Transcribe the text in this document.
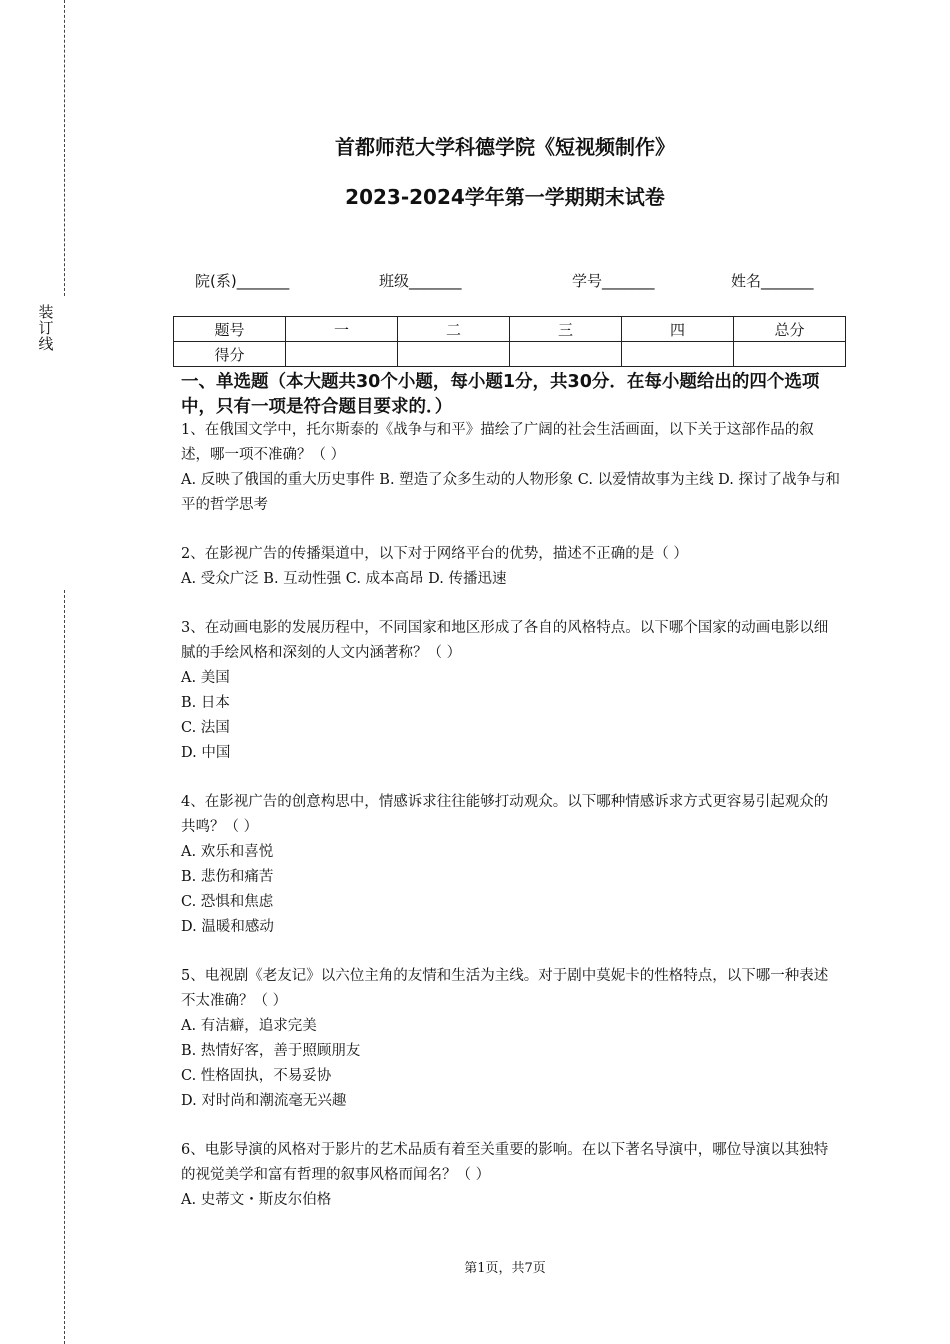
装订线
首都师范大学科德学院《短视频制作》
2023-2024学年第一学期期末试卷
院(系)_______	班级_______	学号_______	姓名_______
题号	一	二	三	四	总分
得分					
一、单选题（本大题共30个小题，每小题1分，共30分．在每小题给出的四个选项中，只有一项是符合题目要求的．）

1、在俄国文学中，托尔斯泰的《战争与和平》描绘了广阔的社会生活画面，以下关于这部作品的叙述，哪一项不准确？（ ）

A. 反映了俄国的重大历史事件 B. 塑造了众多生动的人物形象 C. 以爱情故事为主线 D. 探讨了战争与和平的哲学思考

2、在影视广告的传播渠道中，以下对于网络平台的优势，描述不正确的是（ ）

A. 受众广泛 B. 互动性强 C. 成本高昂 D. 传播迅速

3、在动画电影的发展历程中，不同国家和地区形成了各自的风格特点。以下哪个国家的动画电影以细腻的手绘风格和深刻的人文内涵著称？（ ）

A. 美国

B. 日本

C. 法国

D. 中国

4、在影视广告的创意构思中，情感诉求往往能够打动观众。以下哪种情感诉求方式更容易引起观众的共鸣？（ ）

A. 欢乐和喜悦

B. 悲伤和痛苦

C. 恐惧和焦虑

D. 温暖和感动

5、电视剧《老友记》以六位主角的友情和生活为主线。对于剧中莫妮卡的性格特点，以下哪一种表述不太准确？（ ）

A. 有洁癖，追求完美

B. 热情好客，善于照顾朋友

C. 性格固执，不易妥协

D. 对时尚和潮流毫无兴趣

6、电影导演的风格对于影片的艺术品质有着至关重要的影响。在以下著名导演中，哪位导演以其独特的视觉美学和富有哲理的叙事风格而闻名？（ ）

A. 史蒂文・斯皮尔伯格

第1页，共7页
